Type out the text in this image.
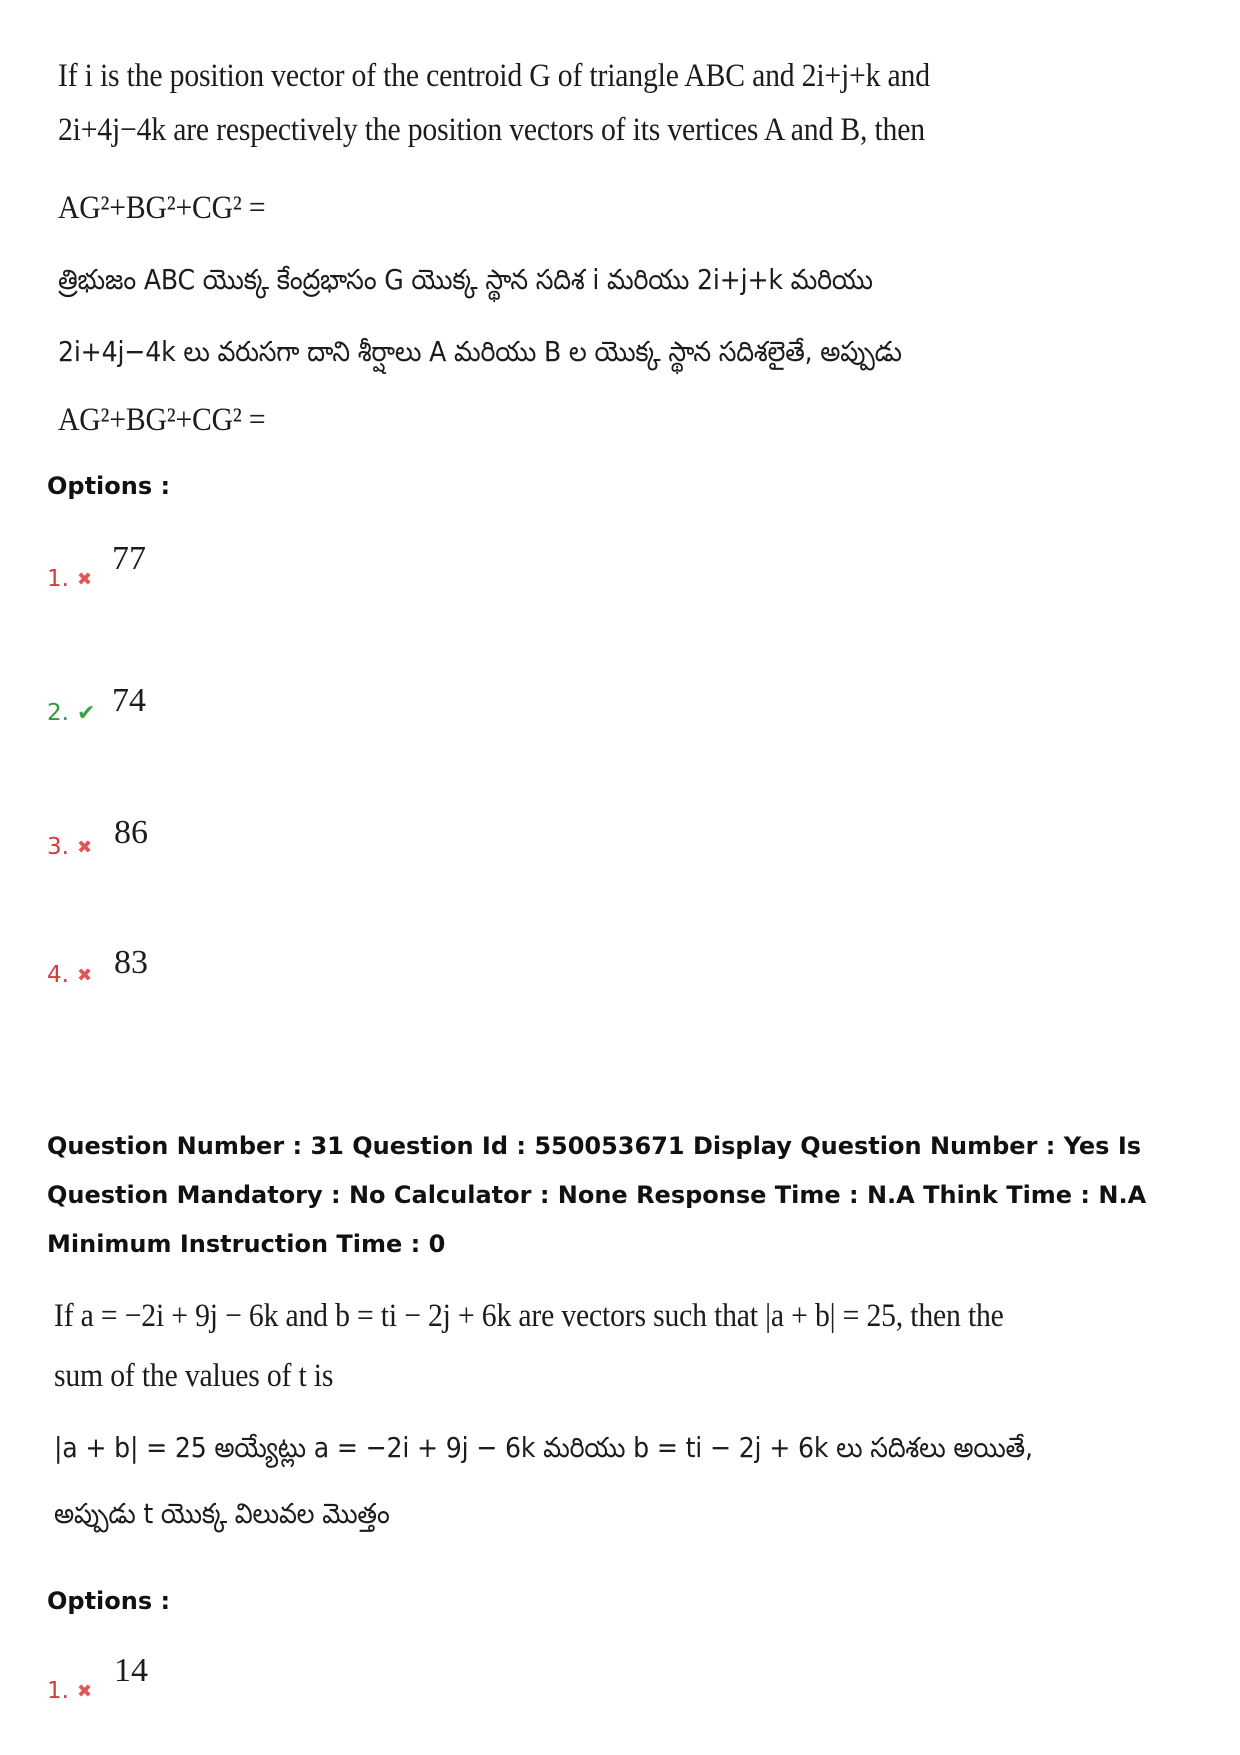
If i is the position vector of the centroid G of triangle ABC and 2i+j+k and
2i+4j−4k are respectively the position vectors of its vertices A and B, then
AG²+BG²+CG² =
త్రిభుజం ABC యొక్క కేంద్రభాసం G యొక్క స్థాన సదిశ i మరియు 2i+j+k మరియు
2i+4j−4k లు వరుసగా దాని శీర్షాలు A మరియు B ల యొక్క స్థాన సదిశలైతే, అప్పుడు
AG²+BG²+CG² =
Options :
1. ✖
77
2. ✔ 74
3. ✖ 86
4. ✖ 83
Question Number : 31 Question Id : 550053671 Display Question Number : Yes Is Question Mandatory : No Calculator : None Response Time : N.A Think Time : N.A Minimum Instruction Time : 0
If a = −2i + 9j − 6k and b = ti − 2j + 6k are vectors such that |a + b| = 25, then the
sum of the values of t is
|a + b| = 25 అయ్యేట్లు a = −2i + 9j − 6k మరియు b = ti − 2j + 6k లు సదిశలు అయితే,
అప్పుడు t యొక్క విలువల మొత్తం
Options :
1. ✖
14
